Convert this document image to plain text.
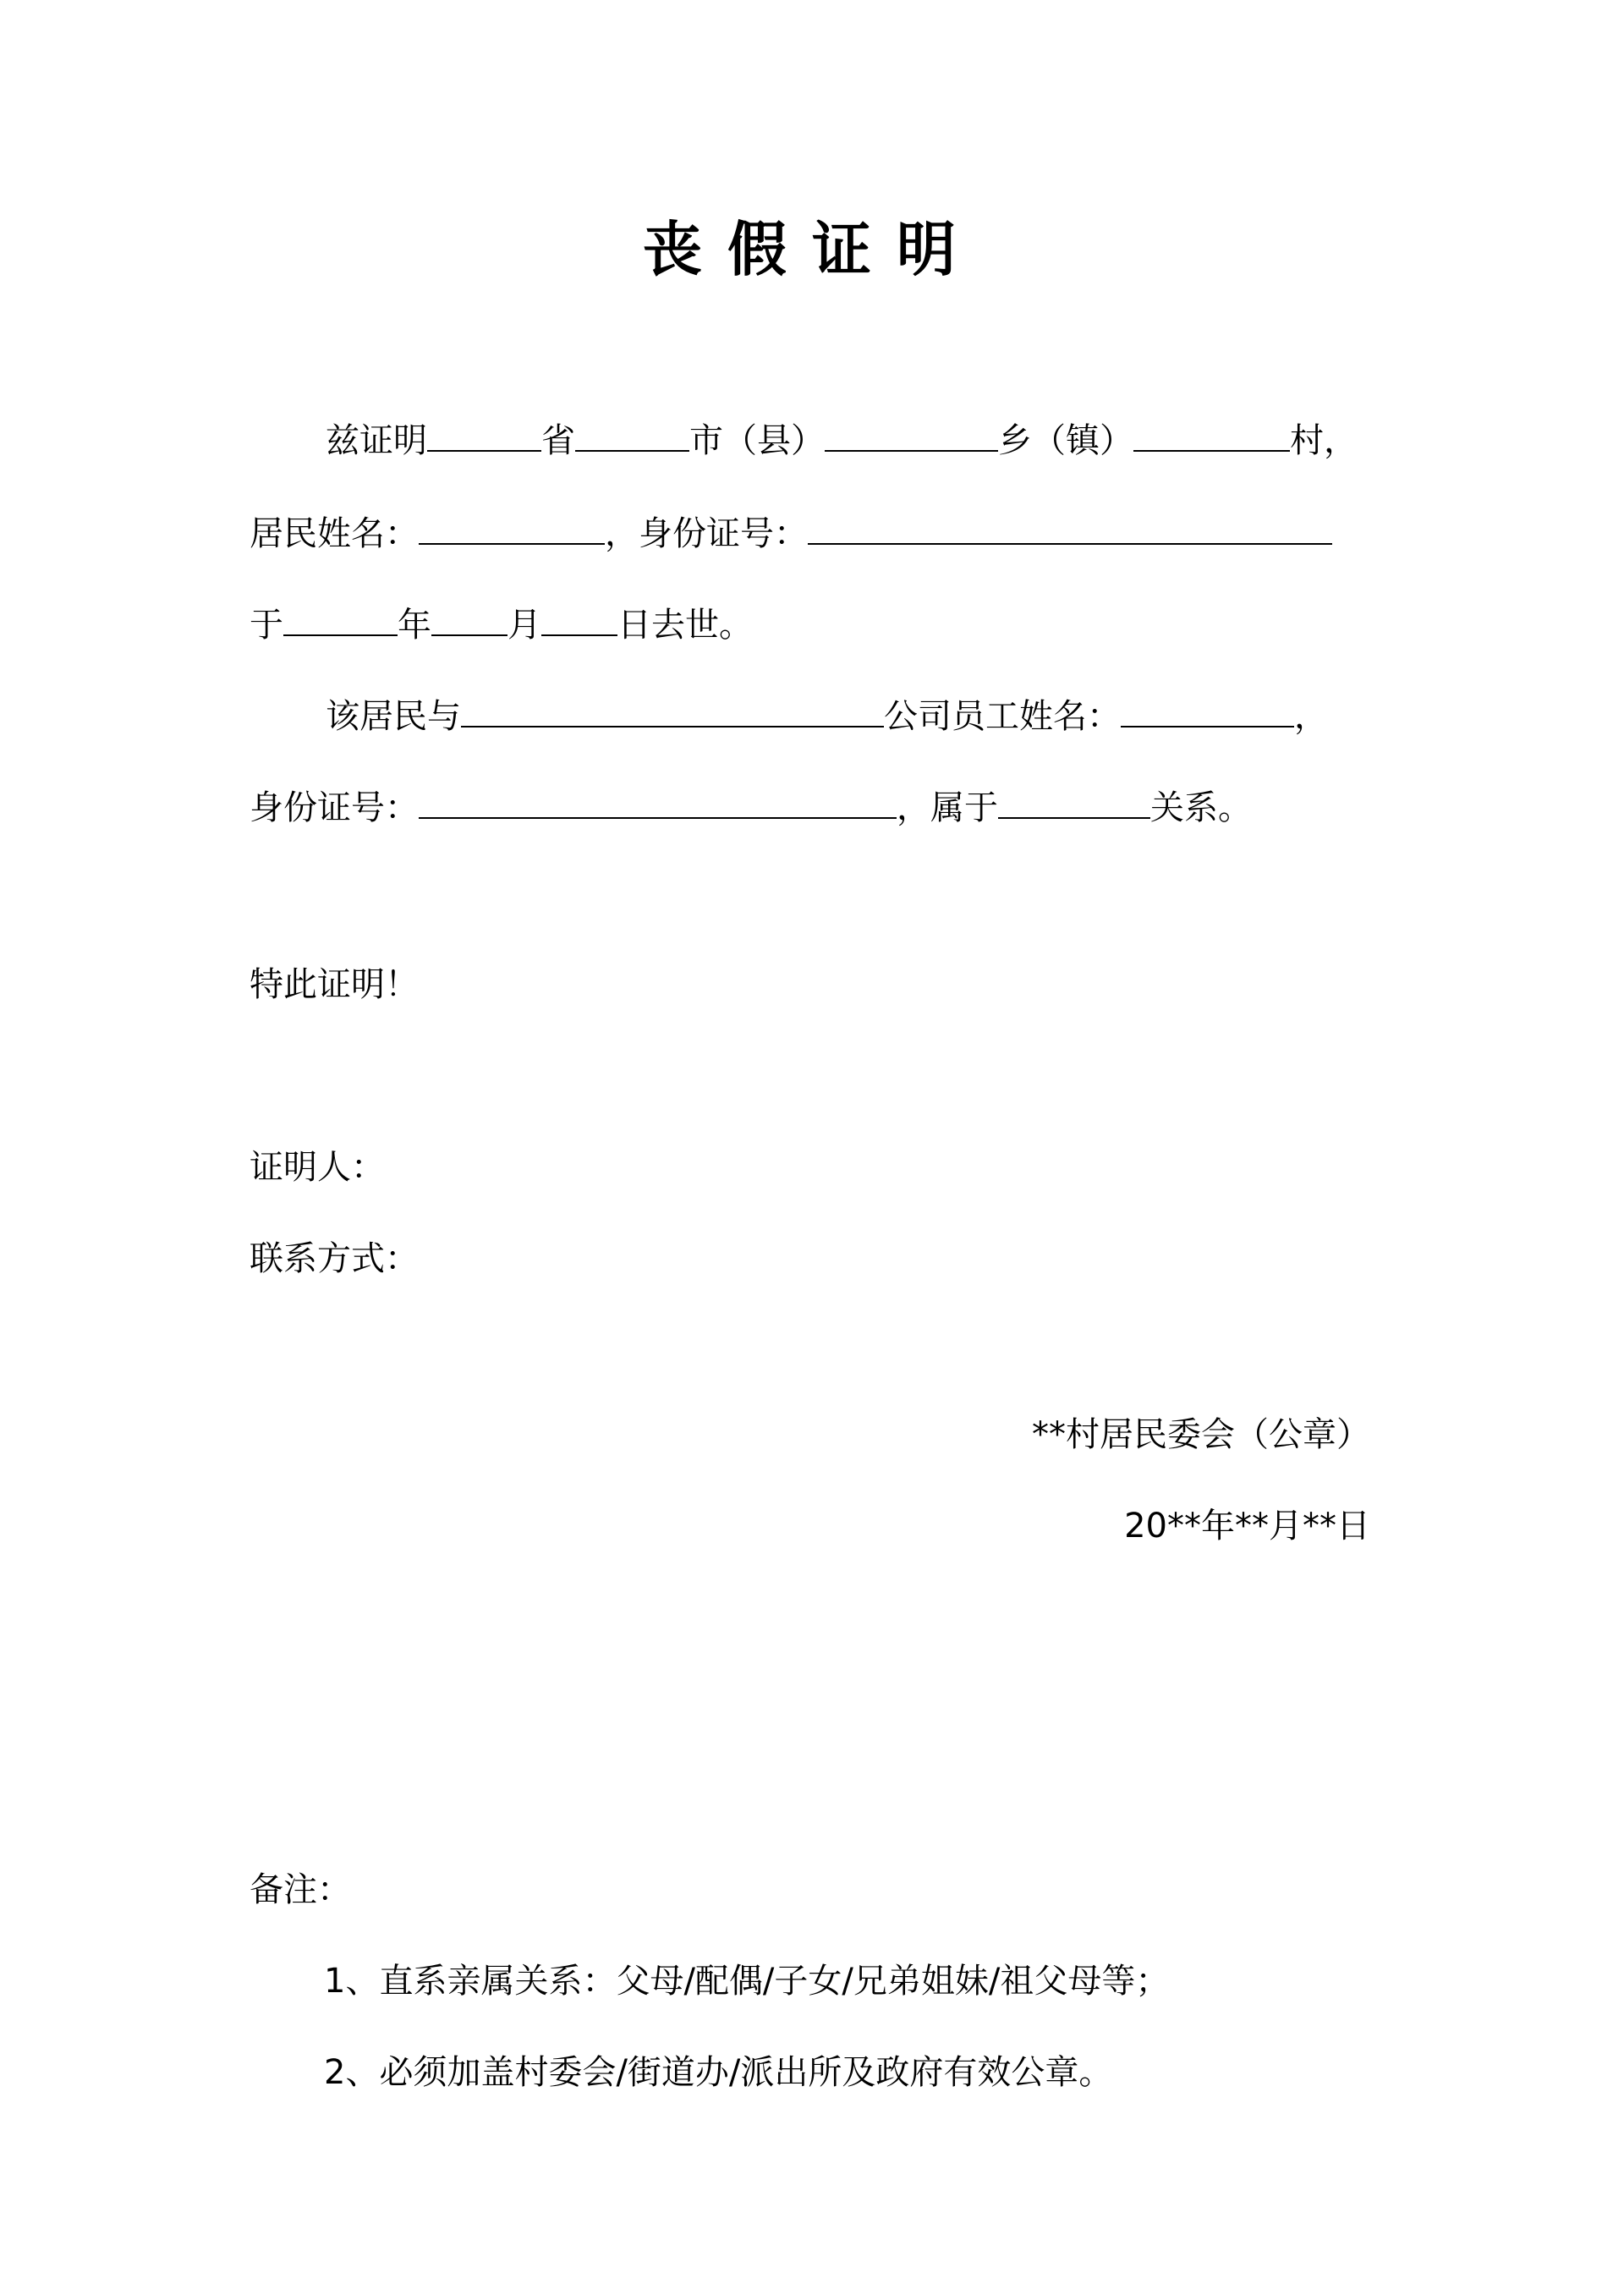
丧假证明
兹证明	省	市（县）	乡（镇）	村，
居民姓名：	，身份证号：
于	年 月 日去世。
该居民与	公司员工姓名：	，
身份证号：	，属于	关系。
特此证明！
证明人：
联系方式：
**村居民委会（公章）
20**年**月**日
备注：
1、直系亲属关系：父母/配偶/子女/兄弟姐妹/祖父母等；
2、必须加盖村委会/街道办/派出所及政府有效公章。
